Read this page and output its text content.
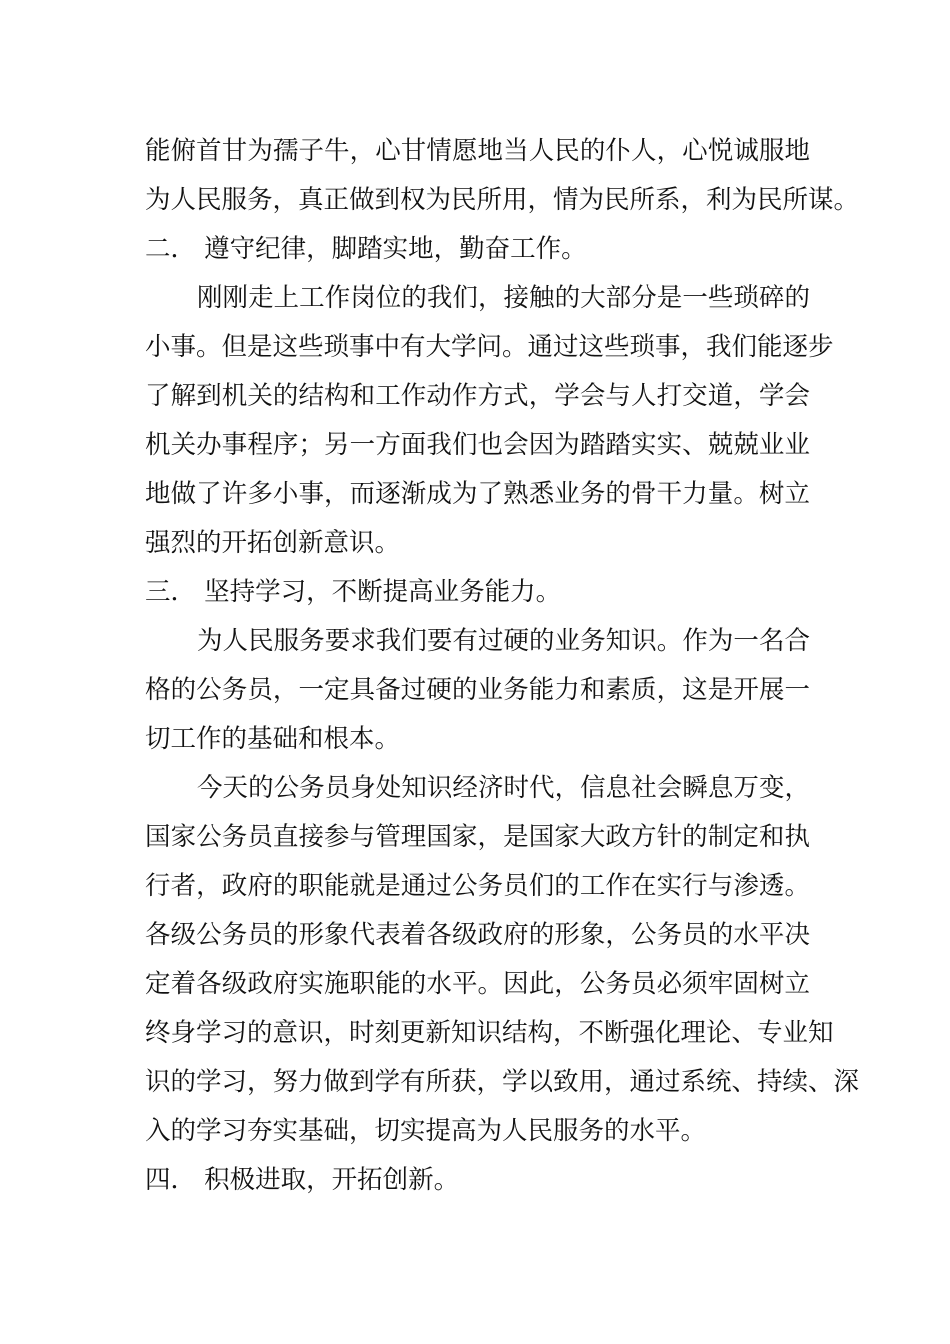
能俯首甘为孺子牛，心甘情愿地当人民的仆人，心悦诚服地
为人民服务，真正做到权为民所用，情为民所系，利为民所谋。
二． 遵守纪律，脚踏实地，勤奋工作。
刚刚走上工作岗位的我们，接触的大部分是一些琐碎的
小事。但是这些琐事中有大学问。通过这些琐事，我们能逐步
了解到机关的结构和工作动作方式，学会与人打交道，学会
机关办事程序；另一方面我们也会因为踏踏实实、兢兢业业
地做了许多小事，而逐渐成为了熟悉业务的骨干力量。树立
强烈的开拓创新意识。
三． 坚持学习，不断提高业务能力。
为人民服务要求我们要有过硬的业务知识。作为一名合
格的公务员，一定具备过硬的业务能力和素质，这是开展一
切工作的基础和根本。
今天的公务员身处知识经济时代，信息社会瞬息万变，
国家公务员直接参与管理国家，是国家大政方针的制定和执
行者，政府的职能就是通过公务员们的工作在实行与渗透。
各级公务员的形象代表着各级政府的形象，公务员的水平决
定着各级政府实施职能的水平。因此，公务员必须牢固树立
终身学习的意识，时刻更新知识结构，不断强化理论、专业知
识的学习，努力做到学有所获，学以致用，通过系统、持续、深
入的学习夯实基础，切实提高为人民服务的水平。
四． 积极进取，开拓创新。
